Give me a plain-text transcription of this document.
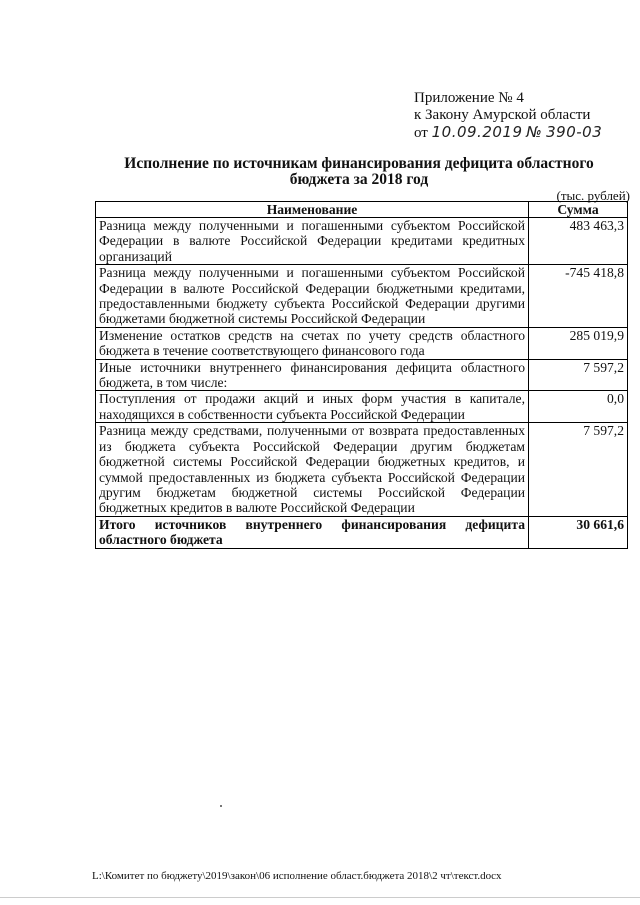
Приложение № 4
к Закону Амурской области
от 10.09.2019 № 390-03
Исполнение по источникам финансирования дефицита областного бюджета за 2018 год
(тыс. рублей)
Наименование	Сумма
Разница между полученными и погашенными субъектом Российской Федерации в валюте Российской Федерации кредитами кредитных организаций	483 463,3
Разница между полученными и погашенными субъектом Российской Федерации в валюте Российской Федерации бюджетными кредитами, предоставленными бюджету субъекта Российской Федерации другими бюджетами бюджетной системы Российской Федерации	-745 418,8
Изменение остатков средств на счетах по учету средств областного бюджета в течение соответствующего финансового года	285 019,9
Иные источники внутреннего финансирования дефицита областного бюджета, в том числе:	7 597,2
Поступления от продажи акций и иных форм участия в капитале, находящихся в собственности субъекта Российской Федерации	0,0
Разница между средствами, полученными от возврата предоставленных из бюджета субъекта Российской Федерации другим бюджетам бюджетной системы Российской Федерации бюджетных кредитов, и суммой предоставленных из бюджета субъекта Российской Федерации другим бюджетам бюджетной системы Российской Федерации бюджетных кредитов в валюте Российской Федерации	7 597,2
Итого источников внутреннего финансирования дефицита областного бюджета	30 661,6
L:\Комитет по бюджету\2019\закон\06 исполнение област.бюджета 2018\2 чт\текст.docx
